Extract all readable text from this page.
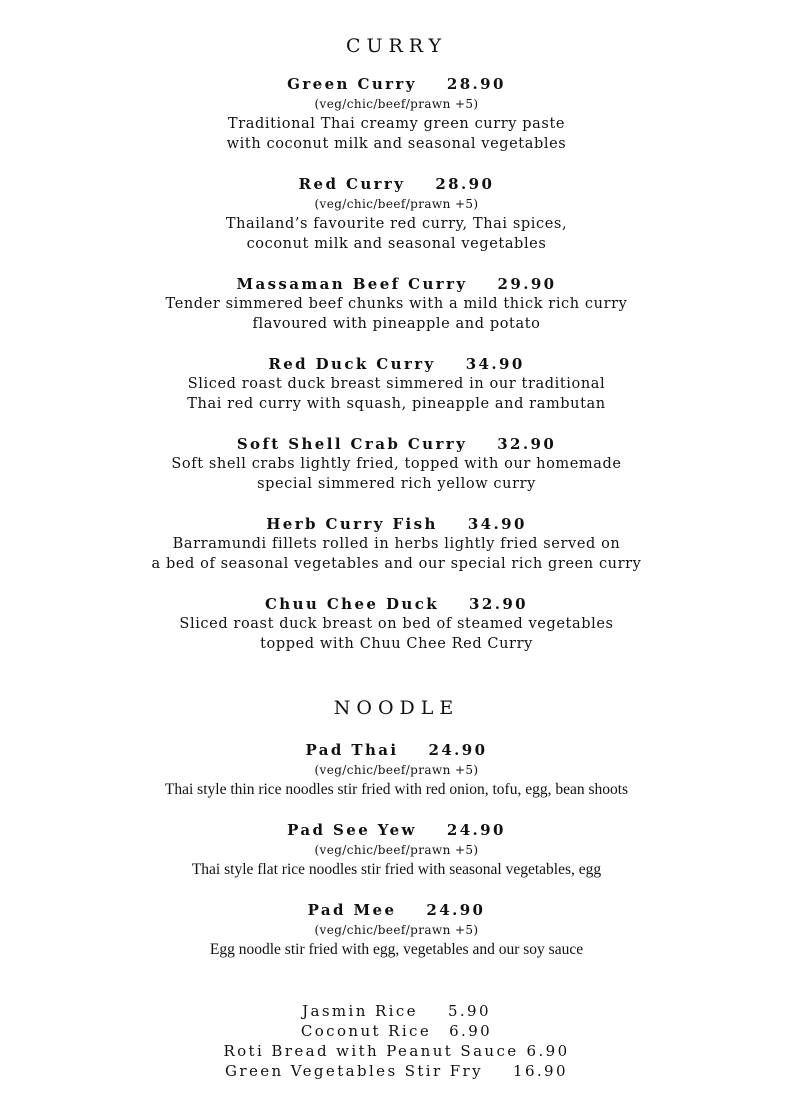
CURRY
Green Curry 28.90
(veg/chic/beef/prawn +5)
Traditional Thai creamy green curry paste
with coconut milk and seasonal vegetables
Red Curry 28.90
(veg/chic/beef/prawn +5)
Thailand’s favourite red curry, Thai spices,
coconut milk and seasonal vegetables
Massaman Beef Curry 29.90
Tender simmered beef chunks with a mild thick rich curry
flavoured with pineapple and potato
Red Duck Curry 34.90
Sliced roast duck breast simmered in our traditional
Thai red curry with squash, pineapple and rambutan
Soft Shell Crab Curry 32.90
Soft shell crabs lightly fried, topped with our homemade
special simmered rich yellow curry
Herb Curry Fish 34.90
Barramundi fillets rolled in herbs lightly fried served on
a bed of seasonal vegetables and our special rich green curry
Chuu Chee Duck 32.90
Sliced roast duck breast on bed of steamed vegetables
topped with Chuu Chee Red Curry
NOODLE
Pad Thai 24.90
(veg/chic/beef/prawn +5)
Thai style thin rice noodles stir fried with red onion, tofu, egg, bean shoots
Pad See Yew 24.90
(veg/chic/beef/prawn +5)
Thai style flat rice noodles stir fried with seasonal vegetables, egg
Pad Mee 24.90
(veg/chic/beef/prawn +5)
Egg noodle stir fried with egg, vegetables and our soy sauce
Jasmin Rice 5.90
Coconut Rice 6.90
Roti Bread with Peanut Sauce 6.90
Green Vegetables Stir Fry 16.90
